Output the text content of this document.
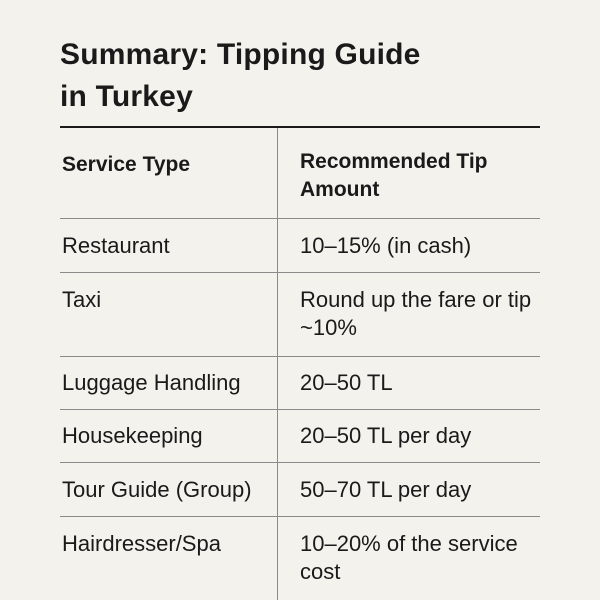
Summary: Tipping Guide
in Turkey
Service Type	Recommended Tip Amount
Restaurant	10–15% (in cash)
Taxi	Round up the fare or tip ~10%
Luggage Handling	20–50 TL
Housekeeping	20–50 TL per day
Tour Guide (Group)	50–70 TL per day
Hairdresser/Spa	10–20% of the service cost
